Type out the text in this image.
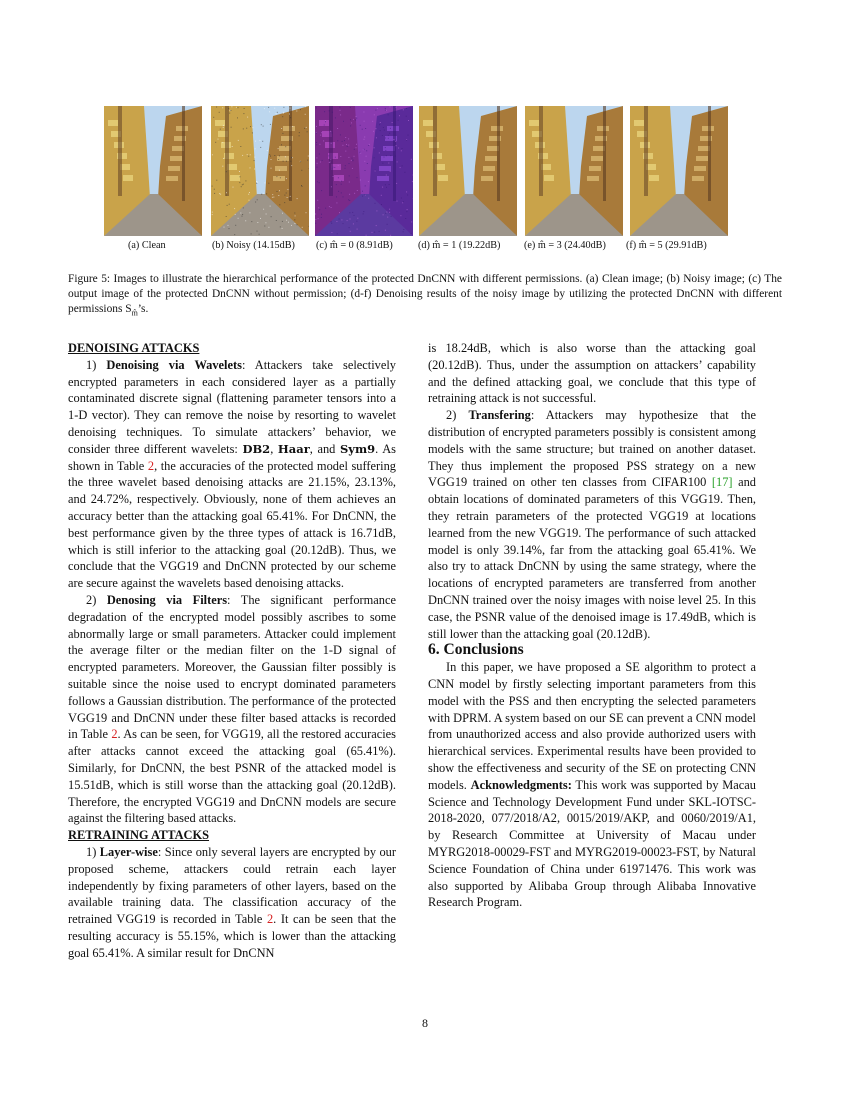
(a) Clean	(b) Noisy (14.15dB) (c) m̂ = 0 (8.91dB) (d) m̂ = 1 (19.22dB) (e) m̂ = 3 (24.40dB) (f) m̂ = 5 (29.91dB)
Figure 5: Images to illustrate the hierarchical performance of the protected DnCNN with different permissions. (a) Clean image; (b) Noisy image; (c) The output image of the protected DnCNN without permission; (d-f) Denoising results of the noisy image by utilizing the protected DnCNN with different permissions $S_{m̂}’s$.

DENOISING ATTACKS

1) Denoising via Wavelets: Attackers take selectively encrypted parameters in each considered layer as a partially contaminated discrete signal (flattening parameter tensors into a 1-D vector). They can remove the noise by resorting to wavelet denoising techniques. To simulate attackers’ behavior, we consider three different wavelets: DB2, Haar, and Sym9. As shown in Table 2, the accuracies of the protected model suffering the three wavelet based denoising attacks are 21.15%, 23.13%, and 24.72%, respectively. Obviously, none of them achieves an accuracy better than the attacking goal 65.41%. For DnCNN, the best performance given by the three types of attack is 16.71dB, which is still inferior to the attacking goal (20.12dB). Thus, we conclude that the VGG19 and DnCNN protected by our scheme are secure against the wavelets based denoising attacks.

2) Denosing via Filters: The significant performance degradation of the encrypted model possibly ascribes to some abnormally large or small parameters. Attacker could implement the average filter or the median filter on the 1-D signal of encrypted parameters. Moreover, the Gaussian filter possibly is suitable since the noise used to encrypt dominated parameters follows a Gaussian distribution. The performance of the protected VGG19 and DnCNN under these filter based attacks is recorded in Table 2. As can be seen, for VGG19, all the restored accuracies after attacks cannot exceed the attacking goal (65.41%). Similarly, for DnCNN, the best PSNR of the attacked model is 15.51dB, which is still worse than the attacking goal (20.12dB). Therefore, the encrypted VGG19 and DnCNN models are secure against the filtering based attacks.

RETRAINING ATTACKS

1) Layer-wise: Since only several layers are encrypted by our proposed scheme, attackers could retrain each layer independently by fixing parameters of other layers, based on the available training data. The classification accuracy of the retrained VGG19 is recorded in Table 2. It can be seen that the resulting accuracy is 55.15%, which is lower than the attacking goal 65.41%. A similar result for DnCNN

is 18.24dB, which is also worse than the attacking goal (20.12dB). Thus, under the assumption on attackers’ capability and the defined attacking goal, we conclude that this type of retraining attack is not successful.

2) Transfering: Attackers may hypothesize that the distribution of encrypted parameters possibly is consistent among models with the same structure; but trained on another dataset. They thus implement the proposed PSS strategy on a new VGG19 trained on other ten classes from CIFAR100 [17] and obtain locations of dominated parameters of this VGG19. Then, they retrain parameters of the protected VGG19 at locations learned from the new VGG19. The performance of such attacked model is only 39.14%, far from the attacking goal 65.41%. We also try to attack DnCNN by using the same strategy, where the locations of encrypted parameters are transferred from another DnCNN trained over the noisy images with noise level 25. In this case, the PSNR value of the denoised image is 17.49dB, which is still lower than the attacking goal (20.12dB).

6. Conclusions

In this paper, we have proposed a SE algorithm to protect a CNN model by firstly selecting important parameters from this model with the PSS and then encrypting the selected parameters with DPRM. A system based on our SE can prevent a CNN model from unauthorized access and also provide authorized users with hierarchical services. Experimental results have been provided to show the effectiveness and security of the SE on protecting CNN models. Acknowledgments: This work was supported by Macau Science and Technology Development Fund under SKL-IOTSC-2018-2020, 077/2018/A2, 0015/2019/AKP, and 0060/2019/A1, by Research Committee at University of Macau under MYRG2018-00029-FST and MYRG2019-00023-FST, by Natural Science Foundation of China under 61971476. This work was also supported by Alibaba Group through Alibaba Innovative Research Program.

8
